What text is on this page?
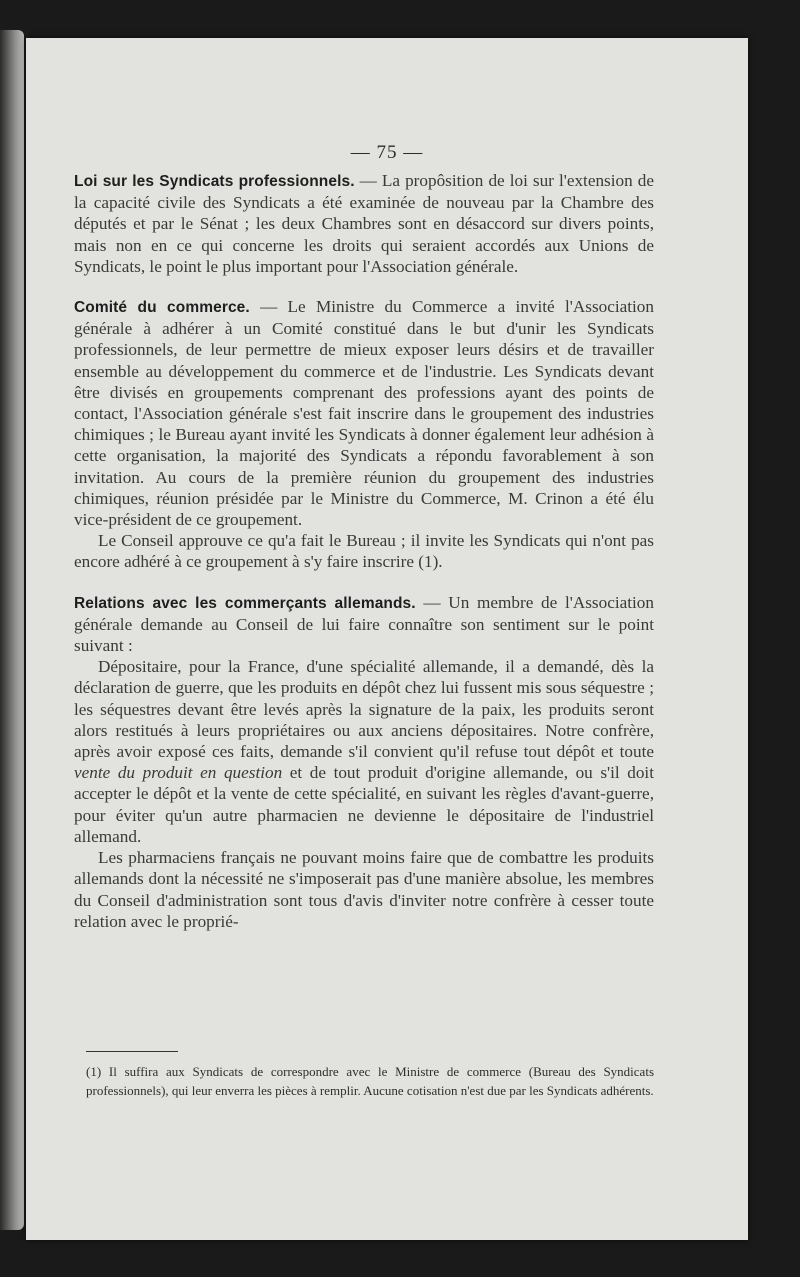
— 75 —

Loi sur les Syndicats professionnels. — La propôsition de loi sur l'extension de la capacité civile des Syndicats a été examinée de nouveau par la Chambre des députés et par le Sénat ; les deux Chambres sont en désaccord sur divers points, mais non en ce qui concerne les droits qui seraient accordés aux Unions de Syndicats, le point le plus important pour l'Association générale.

Comité du commerce. — Le Ministre du Commerce a invité l'Association générale à adhérer à un Comité constitué dans le but d'unir les Syndicats professionnels, de leur permettre de mieux exposer leurs désirs et de travailler ensemble au développement du commerce et de l'industrie. Les Syndicats devant être divisés en groupements comprenant des professions ayant des points de contact, l'Association générale s'est fait inscrire dans le groupement des industries chimiques ; le Bureau ayant invité les Syndicats à donner également leur adhésion à cette organisation, la majorité des Syndicats a répondu favorablement à son invitation. Au cours de la première réunion du groupement des industries chimiques, réunion présidée par le Ministre du Commerce, M. Crinon a été élu vice-président de ce groupement.

Le Conseil approuve ce qu'a fait le Bureau ; il invite les Syndicats qui n'ont pas encore adhéré à ce groupement à s'y faire inscrire (1).

Relations avec les commerçants allemands. — Un membre de l'Association générale demande au Conseil de lui faire connaître son sentiment sur le point suivant :

Dépositaire, pour la France, d'une spécialité allemande, il a demandé, dès la déclaration de guerre, que les produits en dépôt chez lui fussent mis sous séquestre ; les séquestres devant être levés après la signature de la paix, les produits seront alors restitués à leurs propriétaires ou aux anciens dépositaires. Notre confrère, après avoir exposé ces faits, demande s'il convient qu'il refuse tout dépôt et toute vente du produit en question et de tout produit d'origine allemande, ou s'il doit accepter le dépôt et la vente de cette spécialité, en suivant les règles d'avant-guerre, pour éviter qu'un autre pharmacien ne devienne le dépositaire de l'industriel allemand.

Les pharmaciens français ne pouvant moins faire que de combattre les produits allemands dont la nécessité ne s'imposerait pas d'une manière absolue, les membres du Conseil d'administration sont tous d'avis d'inviter notre confrère à cesser toute relation avec le proprié-

(1) Il suffira aux Syndicats de correspondre avec le Ministre de commerce (Bureau des Syndicats professionnels), qui leur enverra les pièces à remplir. Aucune cotisation n'est due par les Syndicats adhérents.
